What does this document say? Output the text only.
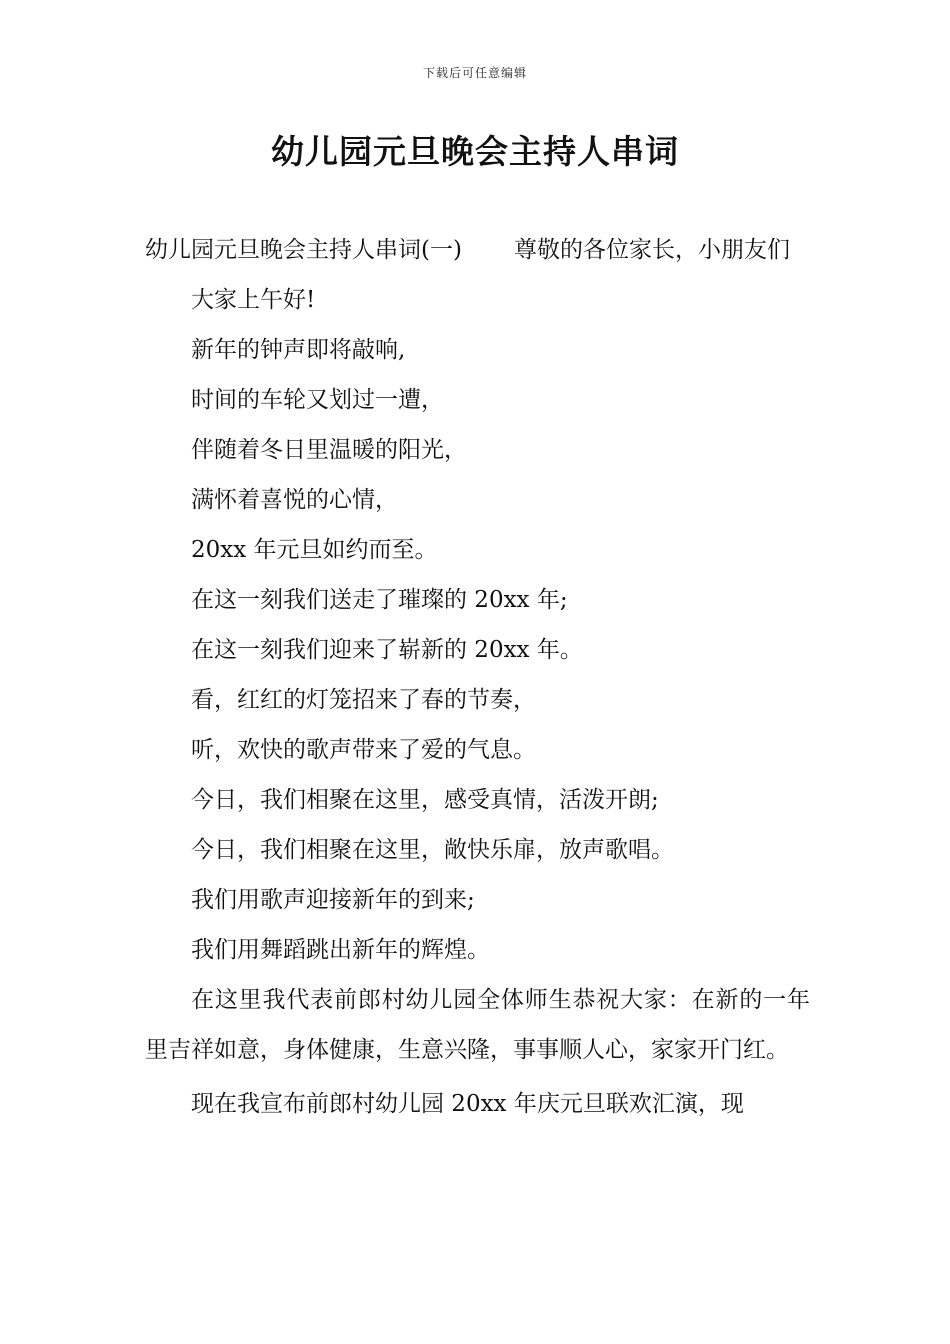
下载后可任意编辑
幼儿园元旦晚会主持人串词

幼儿园元旦晚会主持人串词(一) 尊敬的各位家长，小朋友们

大家上午好!

新年的钟声即将敲响,

时间的车轮又划过一遭，

伴随着冬日里温暖的阳光，

满怀着喜悦的心情，

20xx 年元旦如约而至。

在这一刻我们送走了璀璨的 20xx 年;

在这一刻我们迎来了崭新的 20xx 年。

看，红红的灯笼招来了春的节奏，

听，欢快的歌声带来了爱的气息。

今日，我们相聚在这里，感受真情，活泼开朗;

今日，我们相聚在这里，敞快乐扉，放声歌唱。

我们用歌声迎接新年的到来;

我们用舞蹈跳出新年的辉煌。

在这里我代表前郎村幼儿园全体师生恭祝大家：在新的一年里吉祥如意，身体健康，生意兴隆，事事顺人心，家家开门红。

现在我宣布前郎村幼儿园 20xx 年庆元旦联欢汇演，现
